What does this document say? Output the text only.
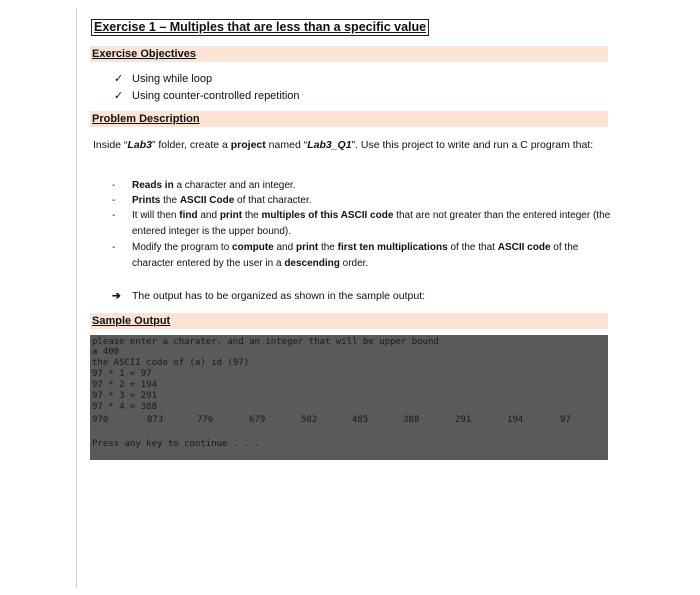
Exercise 1 – Multiples that are less than a specific value
Exercise Objectives
✓ Using while loop
✓ Using counter-controlled repetition
Problem Description
Inside “Lab3” folder, create a project named “Lab3_Q1”. Use this project to write and run a C program that:
- Reads in a character and an integer.
- Prints the ASCII Code of that character.
- It will then find and print the multiples of this ASCII code that are not greater than the entered integer (the entered integer is the upper bound).
- Modify the program to compute and print the first ten multiplications of the that ASCII code of the character entered by the user in a descending order.
➔ The output has to be organized as shown in the sample output:
Sample Output
please enter a charater, and an integer that will be upper bound
a 400
the ASCII code of (a) id (97)
97 * 1 = 97
97 * 2 = 194
97 * 3 = 291
97 * 4 = 388
Press any key to continue . . .
970	873	776	679	582	485	388	291	194	97
